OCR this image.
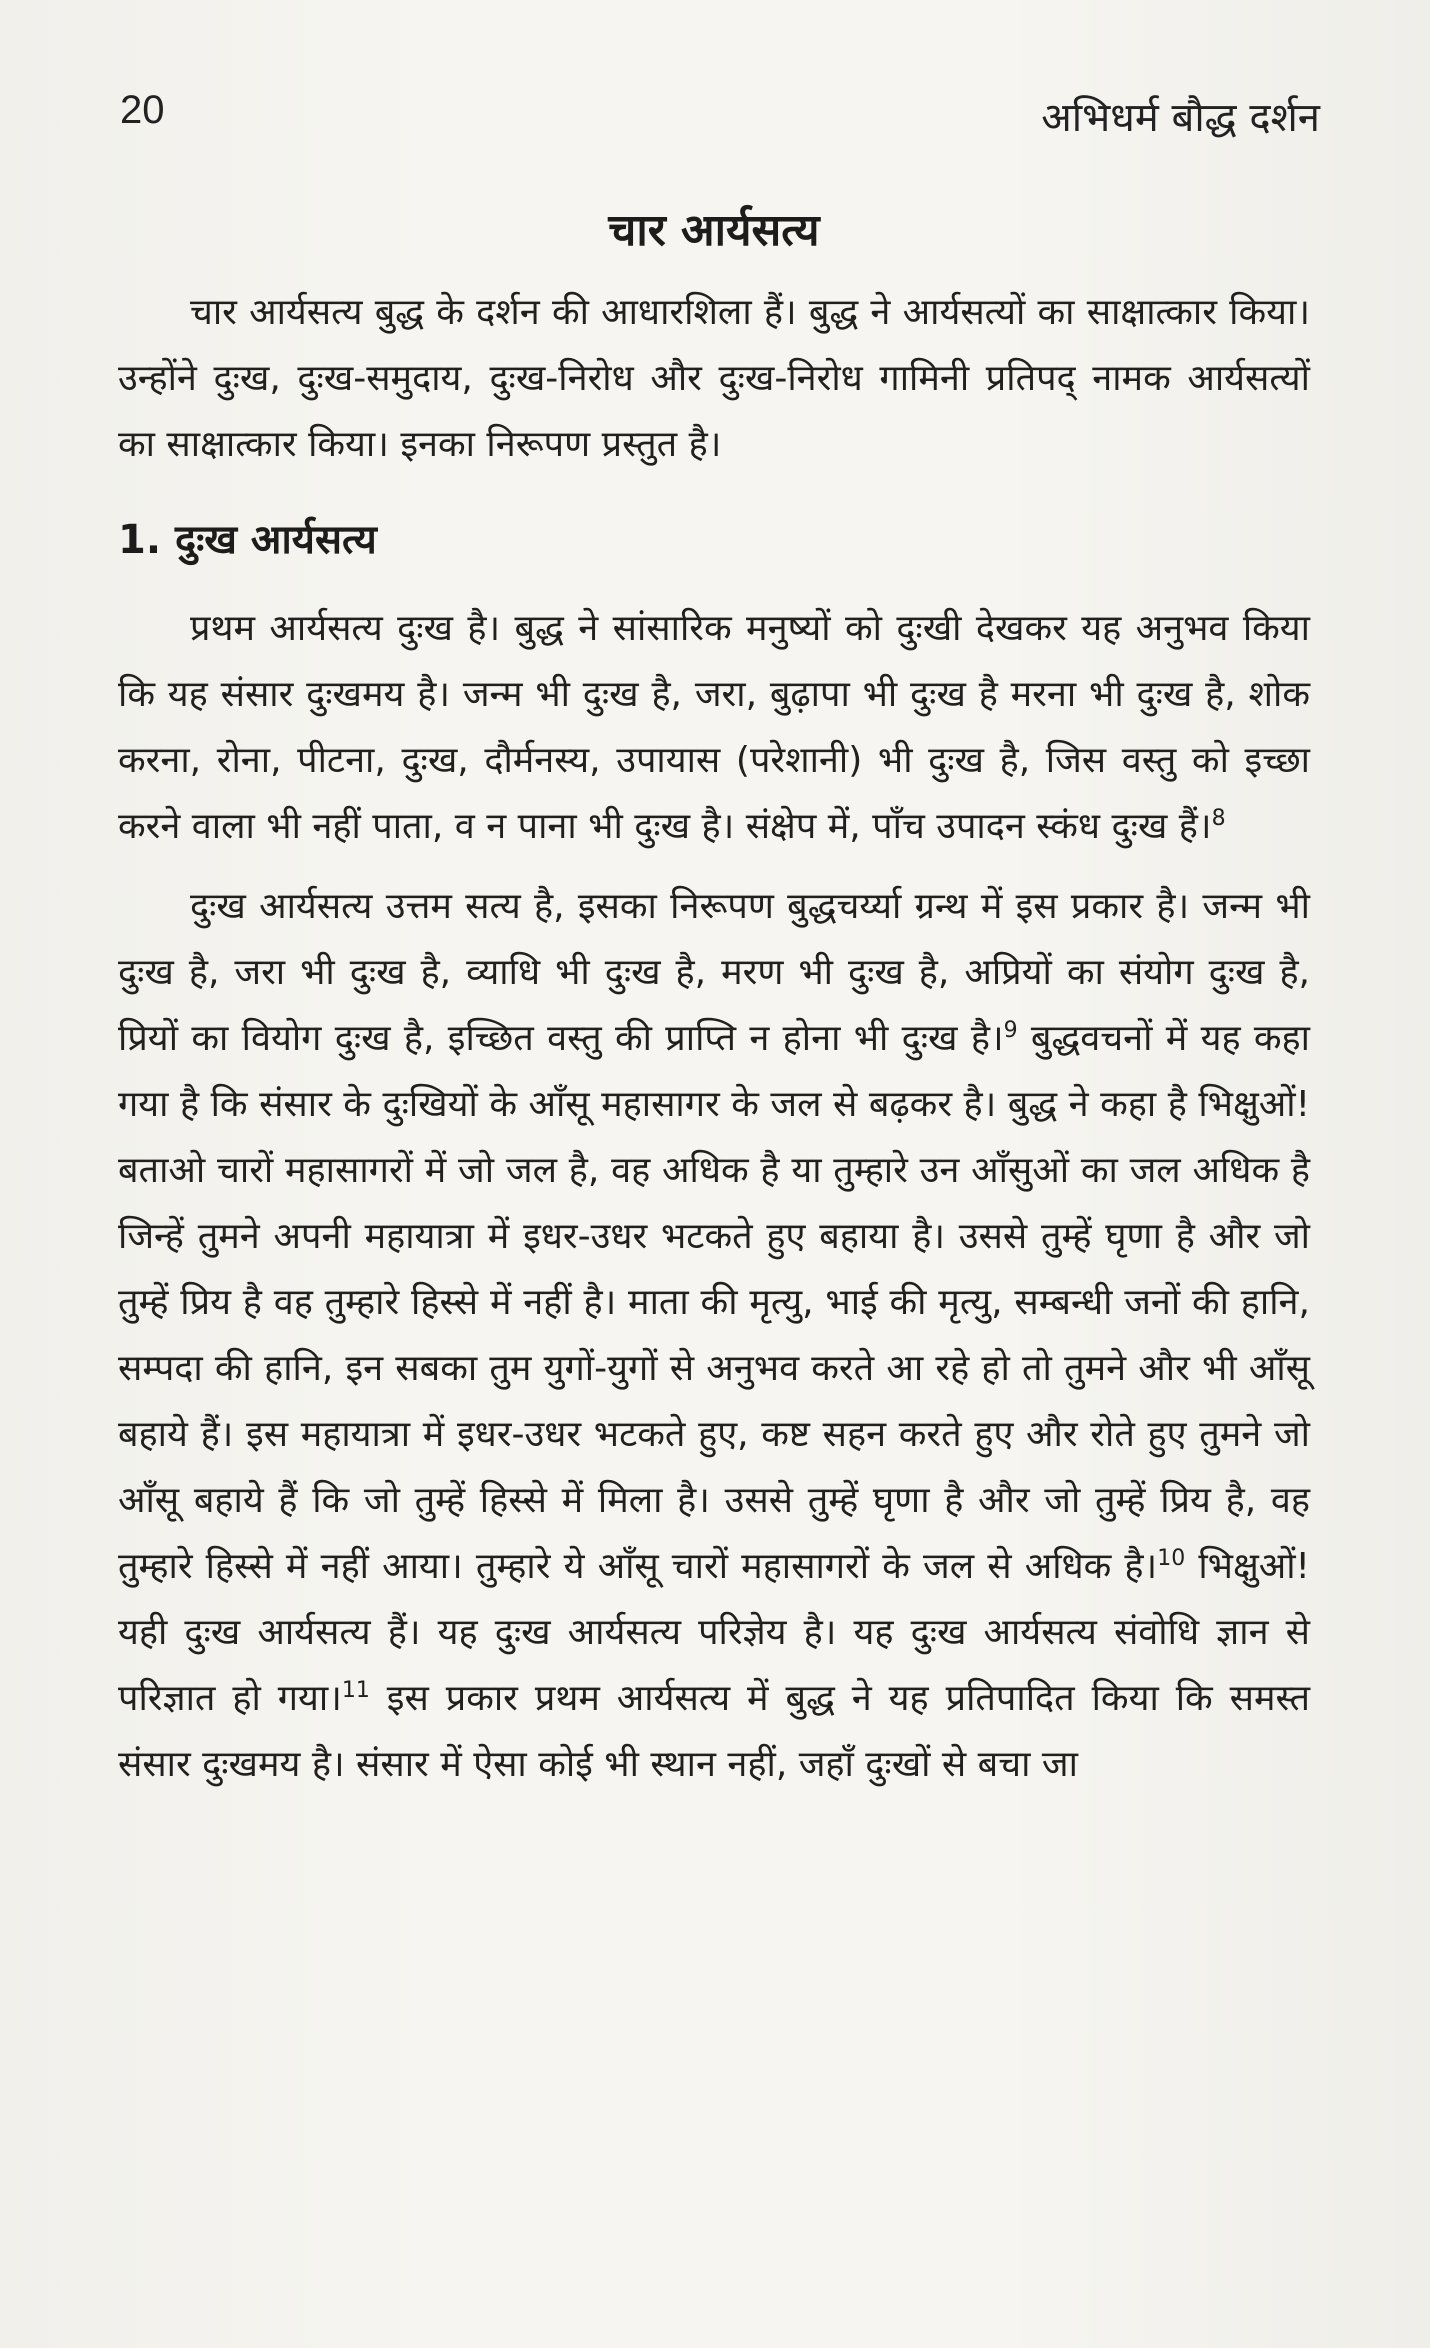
20	अभिधर्म बौद्ध दर्शन
चार आर्यसत्य

चार आर्यसत्य बुद्ध के दर्शन की आधारशिला हैं। बुद्ध ने आर्यसत्यों का साक्षात्कार किया। उन्होंने दुःख, दुःख-समुदाय, दुःख-निरोध और दुःख-निरोध गामिनी प्रतिपद् नामक आर्यसत्यों का साक्षात्कार किया। इनका निरूपण प्रस्तुत है।

1. दुःख आर्यसत्य

प्रथम आर्यसत्य दुःख है। बुद्ध ने सांसारिक मनुष्यों को दुःखी देखकर यह अनुभव किया कि यह संसार दुःखमय है। जन्म भी दुःख है, जरा, बुढ़ापा भी दुःख है मरना भी दुःख है, शोक करना, रोना, पीटना, दुःख, दौर्मनस्य, उपायास (परेशानी) भी दुःख है, जिस वस्तु को इच्छा करने वाला भी नहीं पाता, व न पाना भी दुःख है। संक्षेप में, पाँच उपादन स्कंध दुःख हैं।$^8$

दुःख आर्यसत्य उत्तम सत्य है, इसका निरूपण बुद्धचर्य्या ग्रन्थ में इस प्रकार है। जन्म भी दुःख है, जरा भी दुःख है, व्याधि भी दुःख है, मरण भी दुःख है, अप्रियों का संयोग दुःख है, प्रियों का वियोग दुःख है, इच्छित वस्तु की प्राप्ति न होना भी दुःख है।$^9$ बुद्धवचनों में यह कहा गया है कि संसार के दुःखियों के आँसू महासागर के जल से बढ़कर है। बुद्ध ने कहा है भिक्षुओं! बताओ चारों महासागरों में जो जल है, वह अधिक है या तुम्हारे उन आँसुओं का जल अधिक है जिन्हें तुमने अपनी महायात्रा में इधर-उधर भटकते हुए बहाया है। उससे तुम्हें घृणा है और जो तुम्हें प्रिय है वह तुम्हारे हिस्से में नहीं है। माता की मृत्यु, भाई की मृत्यु, सम्बन्धी जनों की हानि, सम्पदा की हानि, इन सबका तुम युगों-युगों से अनुभव करते आ रहे हो तो तुमने और भी आँसू बहाये हैं। इस महायात्रा में इधर-उधर भटकते हुए, कष्ट सहन करते हुए और रोते हुए तुमने जो आँसू बहाये हैं कि जो तुम्हें हिस्से में मिला है। उससे तुम्हें घृणा है और जो तुम्हें प्रिय है, वह तुम्हारे हिस्से में नहीं आया। तुम्हारे ये आँसू चारों महासागरों के जल से अधिक है।$^{10}$ भिक्षुओं! यही दुःख आर्यसत्य हैं। यह दुःख आर्यसत्य परिज्ञेय है। यह दुःख आर्यसत्य संवोधि ज्ञान से परिज्ञात हो गया।$^{11}$ इस प्रकार प्रथम आर्यसत्य में बुद्ध ने यह प्रतिपादित किया कि समस्त संसार दुःखमय है। संसार में ऐसा कोई भी स्थान नहीं, जहाँ दुःखों से बचा जा
